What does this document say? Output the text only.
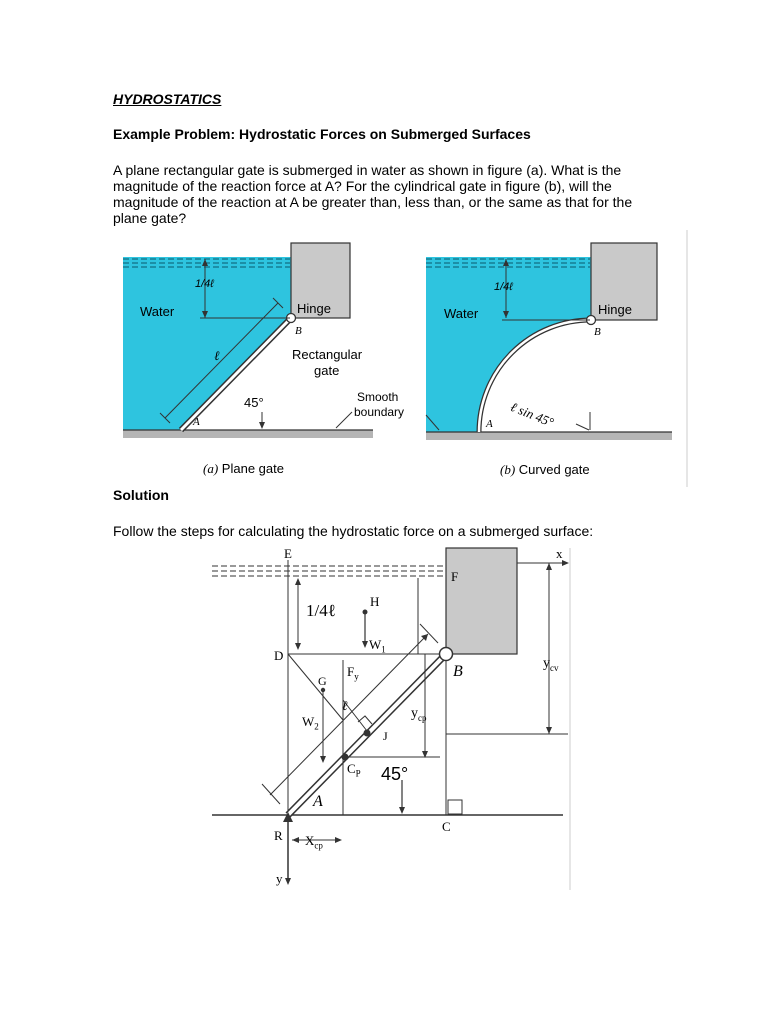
HYDROSTATICS
Example Problem: Hydrostatic Forces on Submerged Surfaces
A plane rectangular gate is submerged in water as shown in figure (a). What is the magnitude of the reaction force at A? For the cylindrical gate in figure (b), will the magnitude of the reaction at A be greater than, less than, or the same as that for the plane gate?
Solution
Follow the steps for calculating the hydrostatic force on a submerged surface:
1/4ℓ
Water	Hinge
B
ℓ	Rectangular
gate
45°
A
Smooth
boundary
(a) Plane gate
1/4ℓ
Water	Hinge
B
ℓ sin 45°
A
(b) Curved gate
E	x
F
H
1/4ℓ
$W_1$
D
B	$y_{cv}$
G
$F_y$
ℓ
$W_2$
$y_{cp}$
J
$C_P$ 45°
A
C
R $X_{cp}$
y
